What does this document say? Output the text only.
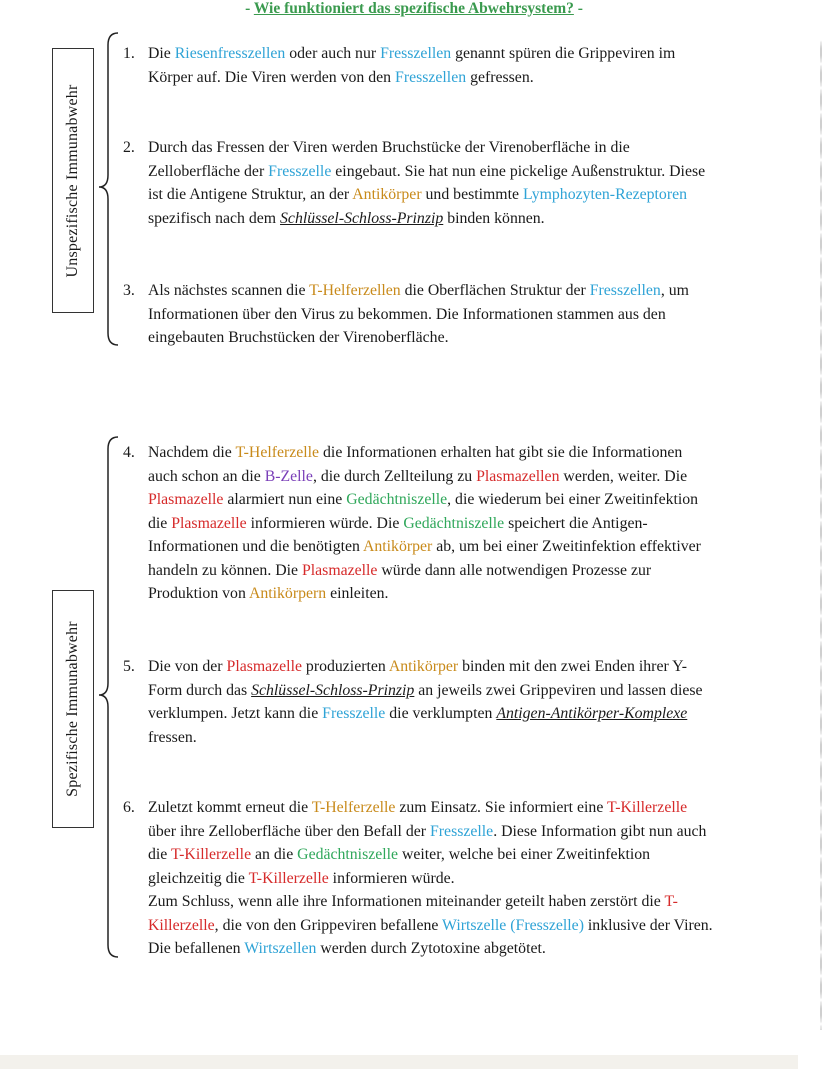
- Wie funktioniert das spezifische Abwehrsystem? -
Unspezifische Immunabwehr
Spezifische Immunabwehr
1. Die Riesenfresszellen oder auch nur Fresszellen genannt spüren die Grippeviren im Körper auf. Die Viren werden von den Fresszellen gefressen.
2. Durch das Fressen der Viren werden Bruchstücke der Virenoberfläche in die Zelloberfläche der Fresszelle eingebaut. Sie hat nun eine pickelige Außenstruktur. Diese ist die Antigene Struktur, an der Antikörper und bestimmte Lymphozyten-Rezeptoren spezifisch nach dem Schlüssel-Schloss-Prinzip binden können.
3. Als nächstes scannen die T-Helferzellen die Oberflächen Struktur der Fresszellen, um Informationen über den Virus zu bekommen. Die Informationen stammen aus den eingebauten Bruchstücken der Virenoberfläche.
4. Nachdem die T-Helferzelle die Informationen erhalten hat gibt sie die Informationen auch schon an die B-Zelle, die durch Zellteilung zu Plasmazellen werden, weiter. Die Plasmazelle alarmiert nun eine Gedächtniszelle, die wiederum bei einer Zweitinfektion die Plasmazelle informieren würde. Die Gedächtniszelle speichert die Antigen-Informationen und die benötigten Antikörper ab, um bei einer Zweitinfektion effektiver handeln zu können. Die Plasmazelle würde dann alle notwendigen Prozesse zur Produktion von Antikörpern einleiten.
5. Die von der Plasmazelle produzierten Antikörper binden mit den zwei Enden ihrer Y-Form durch das Schlüssel-Schloss-Prinzip an jeweils zwei Grippeviren und lassen diese verklumpen. Jetzt kann die Fresszelle die verklumpten Antigen-Antikörper-Komplexe fressen.
6. Zuletzt kommt erneut die T-Helferzelle zum Einsatz. Sie informiert eine T-Killerzelle über ihre Zelloberfläche über den Befall der Fresszelle. Diese Information gibt nun auch die T-Killerzelle an die Gedächtniszelle weiter, welche bei einer Zweitinfektion gleichzeitig die T-Killerzelle informieren würde.
Zum Schluss, wenn alle ihre Informationen miteinander geteilt haben zerstört die T-Killerzelle, die von den Grippeviren befallene Wirtszelle (Fresszelle) inklusive der Viren. Die befallenen Wirtszellen werden durch Zytotoxine abgetötet.
